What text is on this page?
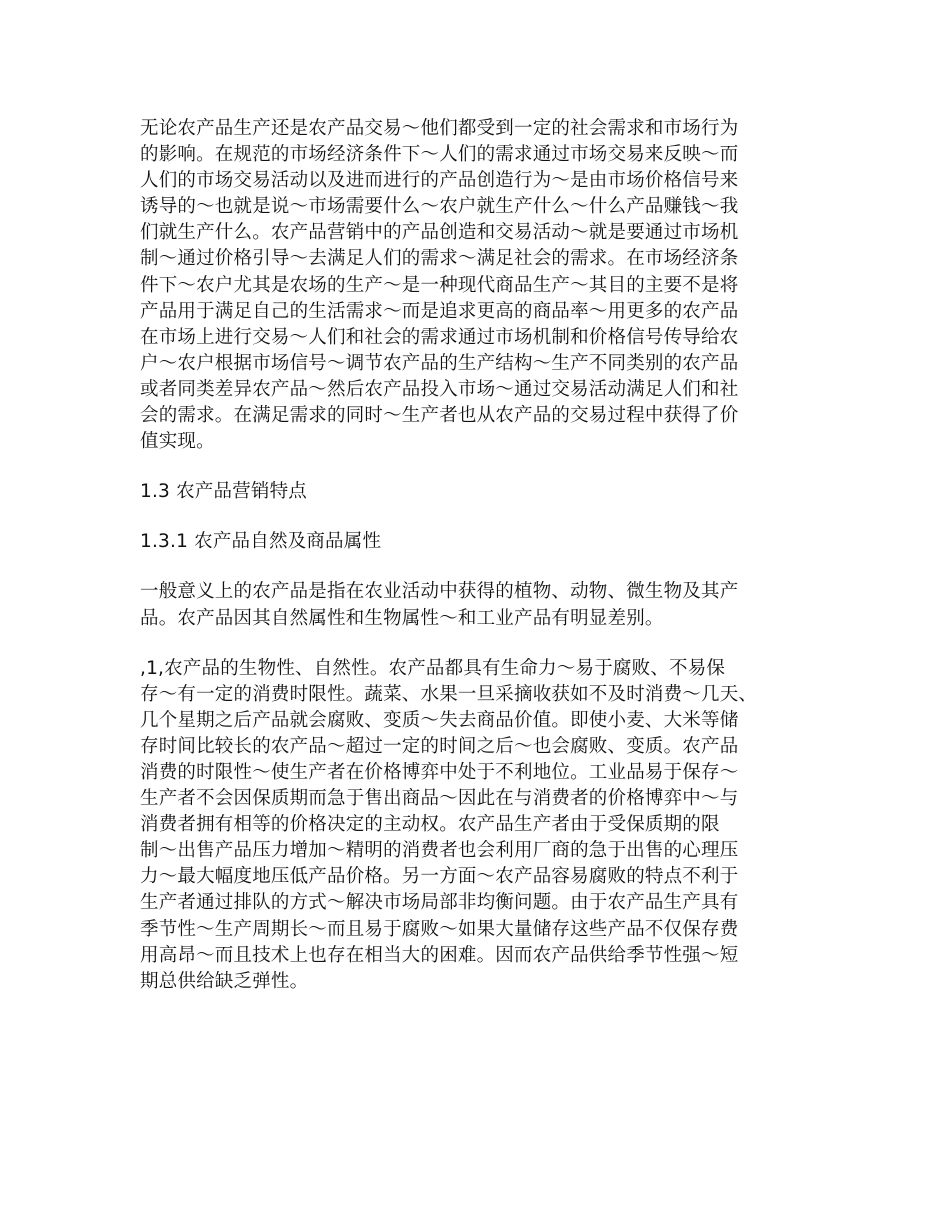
无论农产品生产还是农产品交易～他们都受到一定的社会需求和市场行为
的影响。在规范的市场经济条件下～人们的需求通过市场交易来反映～而
人们的市场交易活动以及进而进行的产品创造行为～是由市场价格信号来
诱导的～也就是说～市场需要什么～农户就生产什么～什么产品赚钱～我
们就生产什么。农产品营销中的产品创造和交易活动～就是要通过市场机
制～通过价格引导～去满足人们的需求～满足社会的需求。在市场经济条
件下～农户尤其是农场的生产～是一种现代商品生产～其目的主要不是将
产品用于满足自己的生活需求～而是追求更高的商品率～用更多的农产品
在市场上进行交易～人们和社会的需求通过市场机制和价格信号传导给农
户～农户根据市场信号～调节农产品的生产结构～生产不同类别的农产品
或者同类差异农产品～然后农产品投入市场～通过交易活动满足人们和社
会的需求。在满足需求的同时～生产者也从农产品的交易过程中获得了价
值实现。
1.3 农产品营销特点
1.3.1 农产品自然及商品属性
一般意义上的农产品是指在农业活动中获得的植物、动物、微生物及其产
品。农产品因其自然属性和生物属性～和工业产品有明显差别。
,1,农产品的生物性、自然性。农产品都具有生命力～易于腐败、不易保
存～有一定的消费时限性。蔬菜、水果一旦采摘收获如不及时消费～几天、
几个星期之后产品就会腐败、变质～失去商品价值。即使小麦、大米等储
存时间比较长的农产品～超过一定的时间之后～也会腐败、变质。农产品
消费的时限性～使生产者在价格博弈中处于不利地位。工业品易于保存～
生产者不会因保质期而急于售出商品～因此在与消费者的价格博弈中～与
消费者拥有相等的价格决定的主动权。农产品生产者由于受保质期的限
制～出售产品压力增加～精明的消费者也会利用厂商的急于出售的心理压
力～最大幅度地压低产品价格。另一方面～农产品容易腐败的特点不利于
生产者通过排队的方式～解决市场局部非均衡问题。由于农产品生产具有
季节性～生产周期长～而且易于腐败～如果大量储存这些产品不仅保存费
用高昂～而且技术上也存在相当大的困难。因而农产品供给季节性强～短
期总供给缺乏弹性。
